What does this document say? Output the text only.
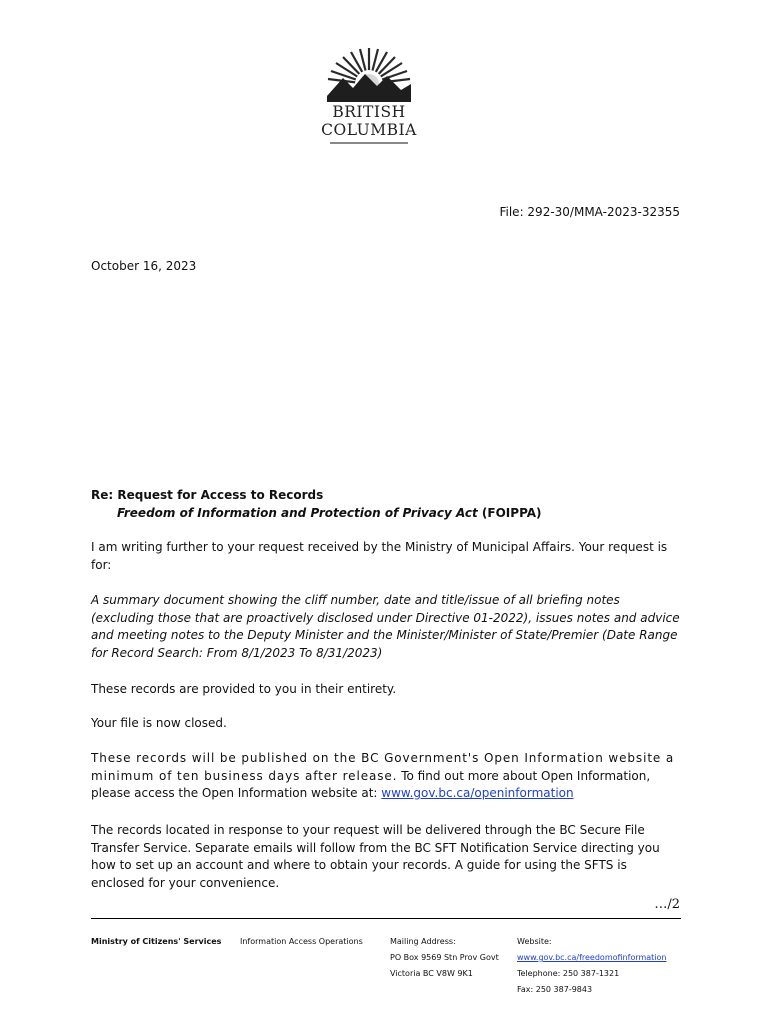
BRITISH
COLUMBIA
File: 292-30/MMA-2023-32355
October 16, 2023
Re: Request for Access to Records
Freedom of Information and Protection of Privacy Act (FOIPPA)
I am writing further to your request received by the Ministry of Municipal Affairs. Your request is for:
A summary document showing the cliff number, date and title/issue of all briefing notes (excluding those that are proactively disclosed under Directive 01-2022), issues notes and advice and meeting notes to the Deputy Minister and the Minister/Minister of State/Premier (Date Range for Record Search: From 8/1/2023 To 8/31/2023)
These records are provided to you in their entirety.
Your file is now closed.
These records will be published on the BC Government's Open Information website a minimum of ten business days after release. To find out more about Open Information, please access the Open Information website at: www.gov.bc.ca/openinformation
The records located in response to your request will be delivered through the BC Secure File Transfer Service. Separate emails will follow from the BC SFT Notification Service directing you how to set up an account and where to obtain your records. A guide for using the SFTS is enclosed for your convenience.
…/2
Ministry of Citizens' Services Information Access Operations	Mailing Address:
PO Box 9569 Stn Prov Govt
Victoria BC V8W 9K1
Website:
www.gov.bc.ca/freedomofinformation
Telephone: 250 387-1321
Fax: 250 387-9843
